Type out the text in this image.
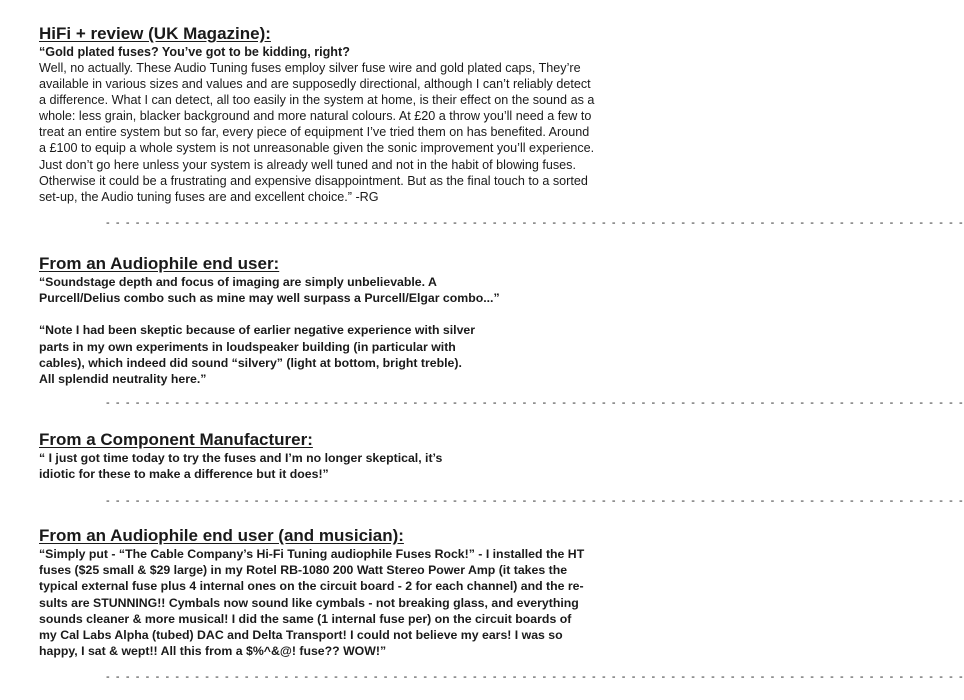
HiFi + review (UK Magazine):
“Gold plated fuses? You’ve got to be kidding, right?
Well, no actually. These Audio Tuning fuses employ silver fuse wire and gold plated caps, They’re
available in various sizes and values and are supposedly directional, although I can’t reliably detect
a difference. What I can detect, all too easily in the system at home, is their effect on the sound as a
whole: less grain, blacker background and more natural colours. At £20 a throw you’ll need a few to
treat an entire system but so far, every piece of equipment I’ve tried them on has benefited. Around
a £100 to equip a whole system is not unreasonable given the sonic improvement you’ll experience.
Just don’t go here unless your system is already well tuned and not in the habit of blowing fuses.
Otherwise it could be a frustrating and expensive disappointment. But as the final touch to a sorted
set-up, the Audio tuning fuses are and excellent choice.” -RG
- - - - - - - - - - - - - - - - - - - - - - - - - - - - - - - - - - - - - - - - - - - - - - - - - - - - - - - - - - - - - - - - - - - - - - - - - - - - - - - - - - - - - - -
From an Audiophile end user:
“Soundstage depth and focus of imaging are simply unbelievable. A
Purcell/Delius combo such as mine may well surpass a Purcell/Elgar combo...”
“Note I had been skeptic because of earlier negative experience with silver
parts in my own experiments in loudspeaker building (in particular with
cables), which indeed did sound “silvery” (light at bottom, bright treble).
All splendid neutrality here.”
- - - - - - - - - - - - - - - - - - - - - - - - - - - - - - - - - - - - - - - - - - - - - - - - - - - - - - - - - - - - - - - - - - - - - - - - - - - - - - - - - - - - - - -
From a Component Manufacturer:
“ I just got time today to try the fuses and I’m no longer skeptical, it’s
idiotic for these to make a difference but it does!”
- - - - - - - - - - - - - - - - - - - - - - - - - - - - - - - - - - - - - - - - - - - - - - - - - - - - - - - - - - - - - - - - - - - - - - - - - - - - - - - - - - - - - - -
From an Audiophile end user (and musician):
“Simply put - “The Cable Company’s Hi-Fi Tuning audiophile Fuses Rock!” - I installed the HT
fuses ($25 small & $29 large) in my Rotel RB-1080 200 Watt Stereo Power Amp (it takes the
typical external fuse plus 4 internal ones on the circuit board - 2 for each channel) and the re-
sults are STUNNING!! Cymbals now sound like cymbals - not breaking glass, and everything
sounds cleaner & more musical! I did the same (1 internal fuse per) on the circuit boards of
my Cal Labs Alpha (tubed) DAC and Delta Transport! I could not believe my ears! I was so
happy, I sat & wept!! All this from a $%^&@! fuse?? WOW!”
- - - - - - - - - - - - - - - - - - - - - - - - - - - - - - - - - - - - - - - - - - - - - - - - - - - - - - - - - - - - - - - - - - - - - - - - - - - - - - - - - - - - - - -
